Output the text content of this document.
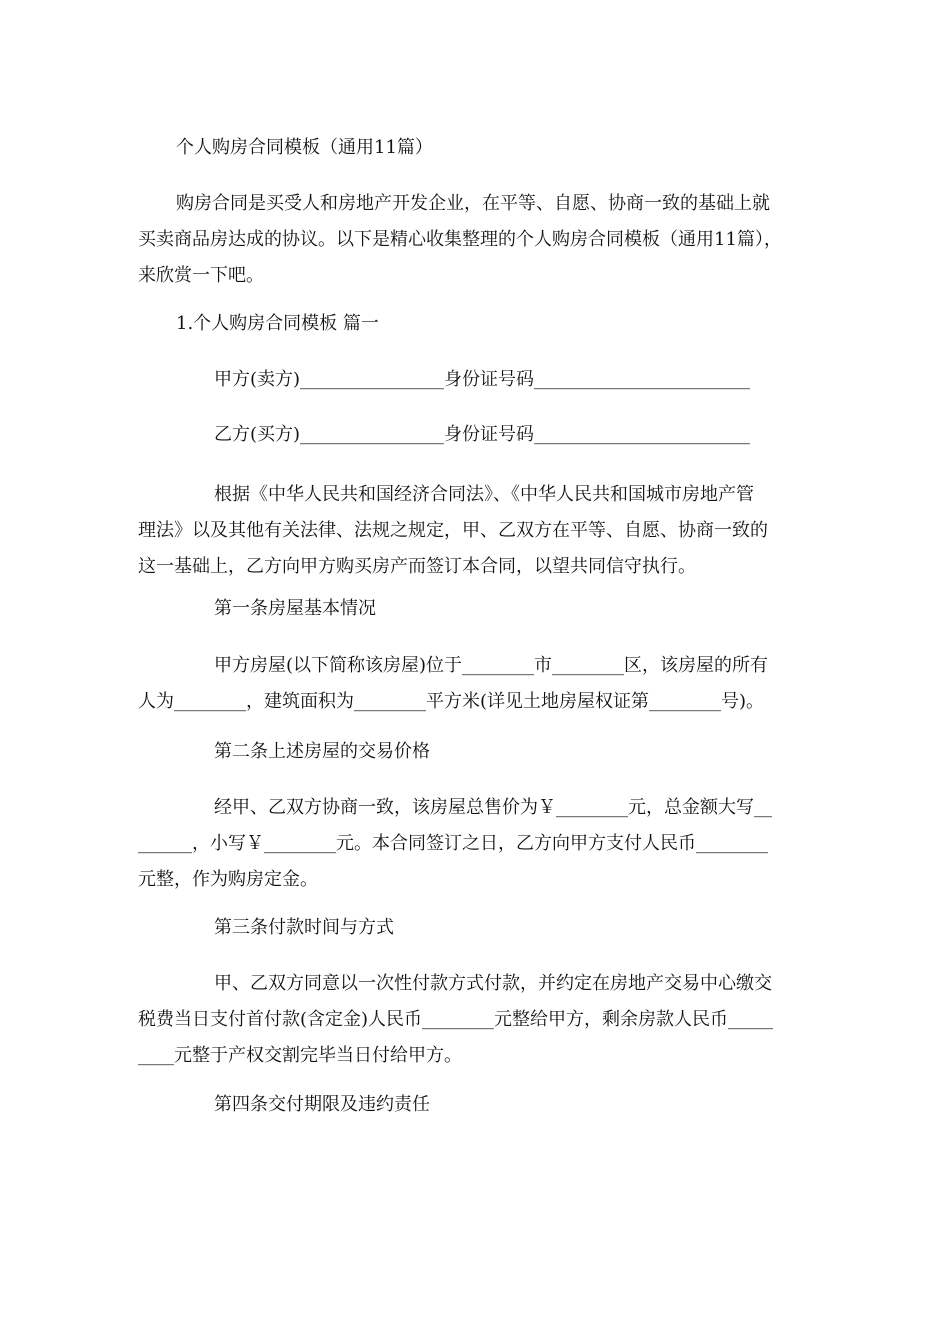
个人购房合同模板（通用11篇）

购房合同是买受人和房地产开发企业，在平等、自愿、协商一致的基础上就
买卖商品房达成的协议。以下是精心收集整理的个人购房合同模板（通用11篇），
来欣赏一下吧。

1.个人购房合同模板 篇一

甲方(卖方)________________身份证号码________________________

乙方(买方)________________身份证号码________________________

根据《中华人民共和国经济合同法》、《中华人民共和国城市房地产管
理法》以及其他有关法律、法规之规定，甲、乙双方在平等、自愿、协商一致的
这一基础上，乙方向甲方购买房产而签订本合同，以望共同信守执行。

第一条房屋基本情况

甲方房屋(以下简称该房屋)位于________市________区，该房屋的所有
人为________，建筑面积为________平方米(详见土地房屋权证第________号)。

第二条上述房屋的交易价格

经甲、乙双方协商一致，该房屋总售价为￥________元，总金额大写__
______，小写￥________元。本合同签订之日，乙方向甲方支付人民币________
元整，作为购房定金。

第三条付款时间与方式

甲、乙双方同意以一次性付款方式付款，并约定在房地产交易中心缴交
税费当日支付首付款(含定金)人民币________元整给甲方，剩余房款人民币_____
____元整于产权交割完毕当日付给甲方。

第四条交付期限及违约责任
